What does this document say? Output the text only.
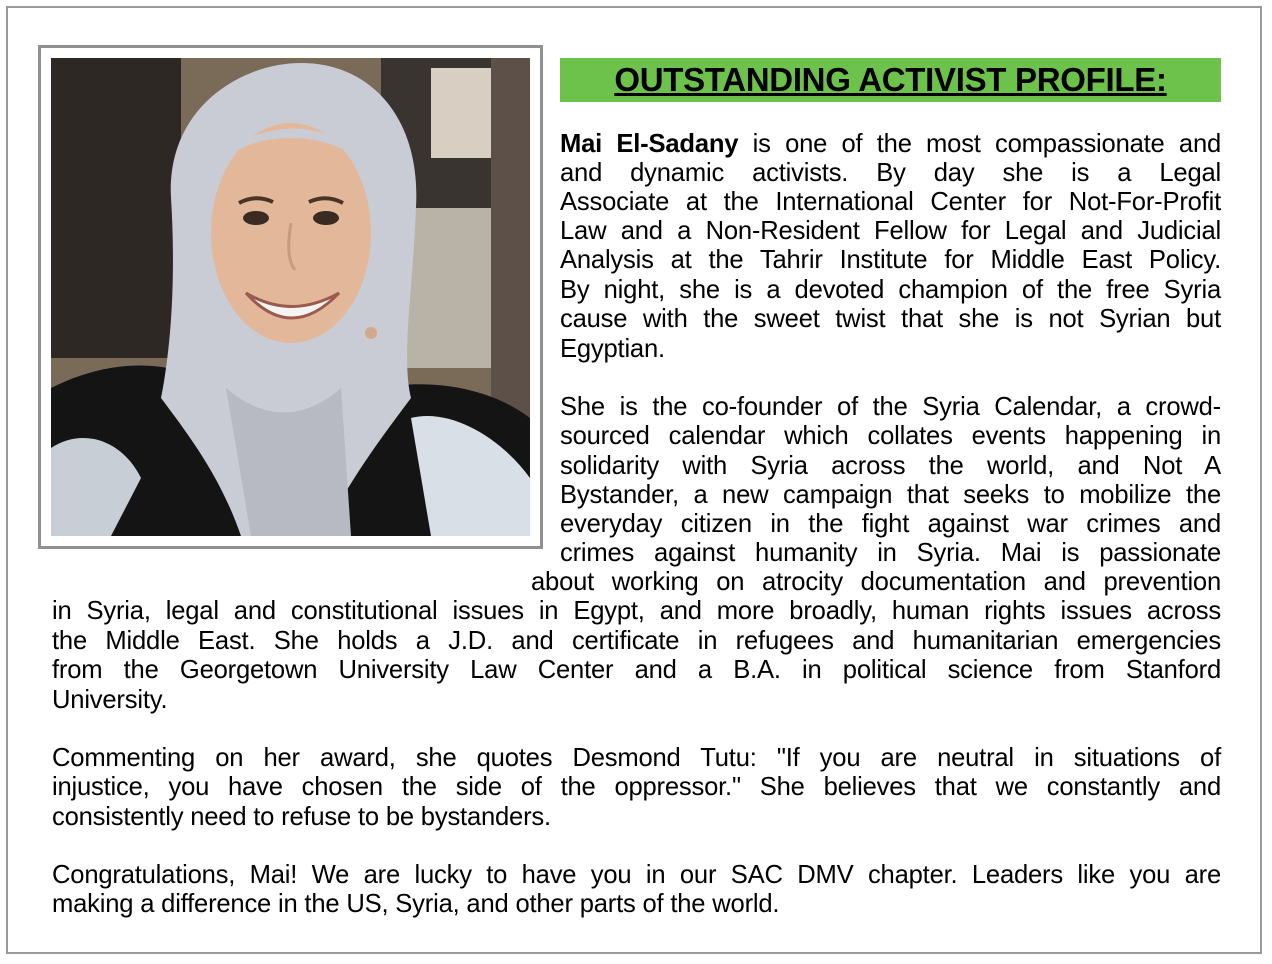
OUTSTANDING ACTIVIST PROFILE:
Mai El-Sadany is one of the most compassionate and
and dynamic activists. By day she is a Legal
Associate at the International Center for Not-For-Profit
Law and a Non-Resident Fellow for Legal and Judicial
Analysis at the Tahrir Institute for Middle East Policy.
By night, she is a devoted champion of the free Syria
cause with the sweet twist that she is not Syrian but
Egyptian.
She is the co-founder of the Syria Calendar, a crowd-
sourced calendar which collates events happening in
solidarity with Syria across the world, and Not A
Bystander, a new campaign that seeks to mobilize the
everyday citizen in the fight against war crimes and
crimes against humanity in Syria. Mai is passionate
about working on atrocity documentation and prevention
in Syria, legal and constitutional issues in Egypt, and more broadly, human rights issues across
the Middle East. She holds a J.D. and certificate in refugees and humanitarian emergencies
from the Georgetown University Law Center and a B.A. in political science from Stanford
University.
Commenting on her award, she quotes Desmond Tutu: "If you are neutral in situations of
injustice, you have chosen the side of the oppressor." She believes that we constantly and
consistently need to refuse to be bystanders.
Congratulations, Mai! We are lucky to have you in our SAC DMV chapter. Leaders like you are
making a difference in the US, Syria, and other parts of the world.
